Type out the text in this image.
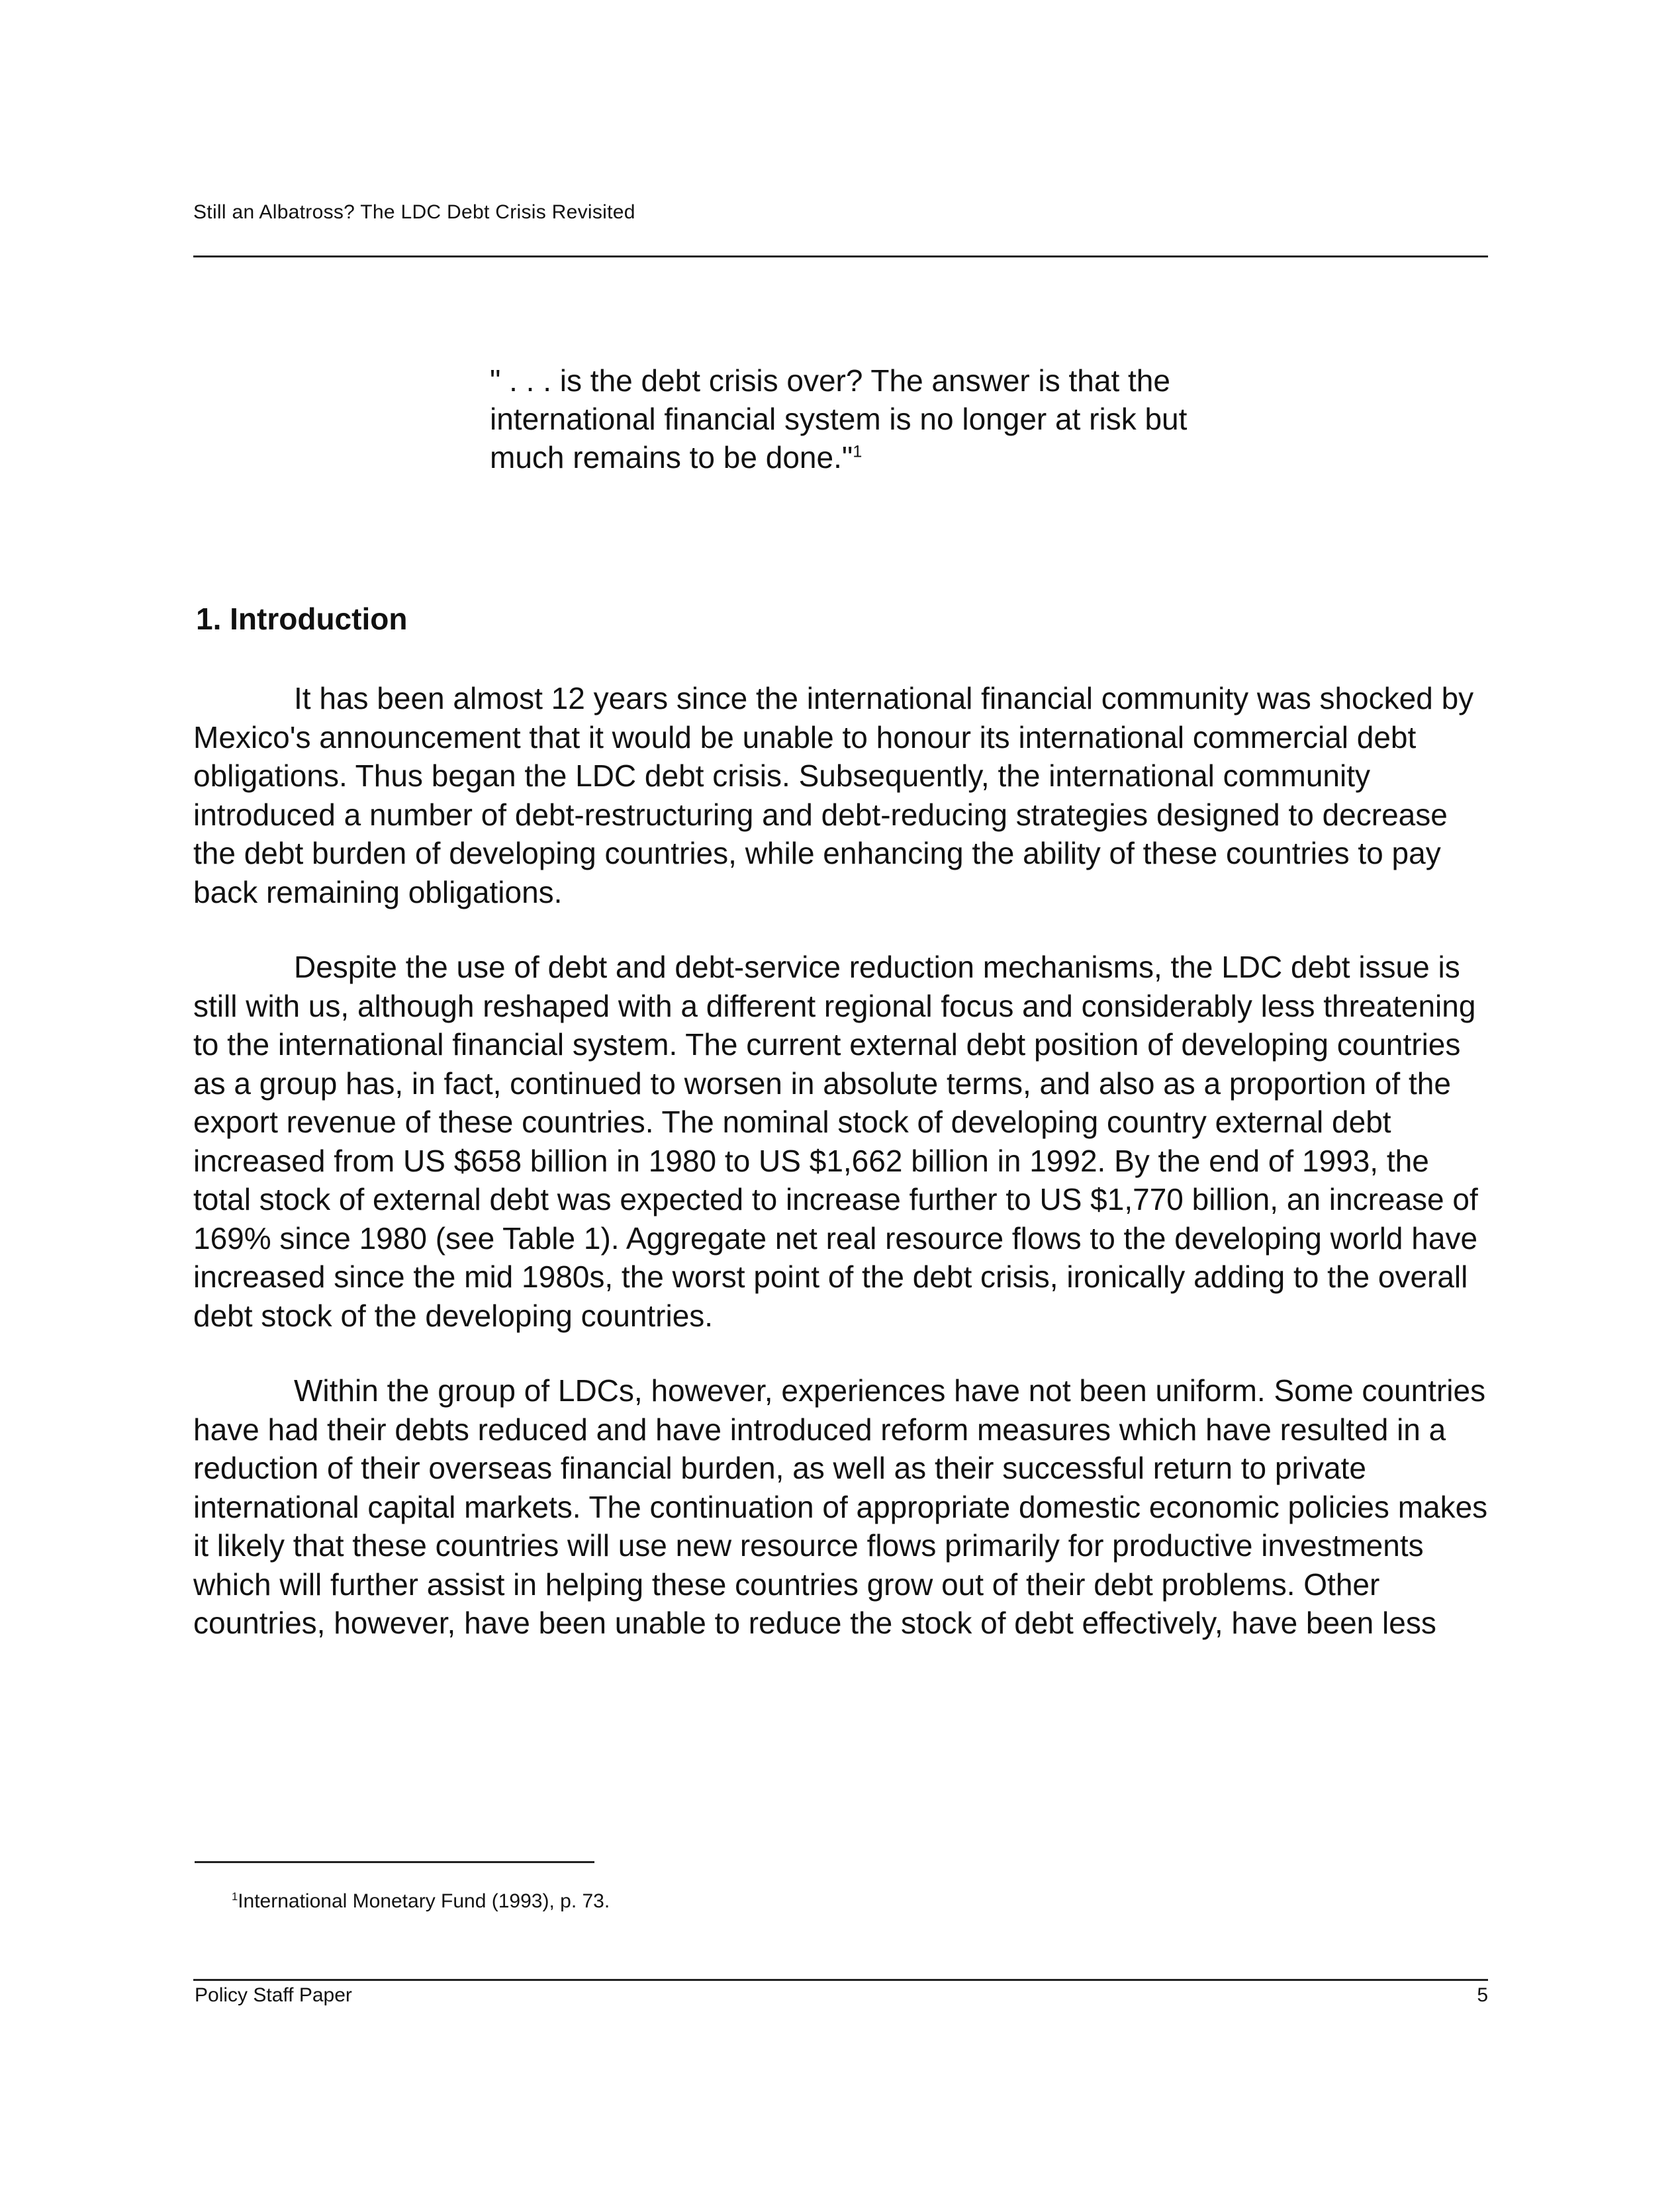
Still an Albatross? The LDC Debt Crisis Revisited
" . . . is the debt crisis over? The answer is that the international financial system is no longer at risk but much remains to be done."$^1$
1. Introduction

It has been almost 12 years since the international financial community was shocked by Mexico's announcement that it would be unable to honour its international commercial debt obligations. Thus began the LDC debt crisis. Subsequently, the international community introduced a number of debt-restructuring and debt-reducing strategies designed to decrease the debt burden of developing countries, while enhancing the ability of these countries to pay back remaining obligations.

Despite the use of debt and debt-service reduction mechanisms, the LDC debt issue is still with us, although reshaped with a different regional focus and considerably less threatening to the international financial system. The current external debt position of developing countries as a group has, in fact, continued to worsen in absolute terms, and also as a proportion of the export revenue of these countries. The nominal stock of developing country external debt increased from US $658 billion in 1980 to US $1,662 billion in 1992. By the end of 1993, the total stock of external debt was expected to increase further to US $1,770 billion, an increase of 169% since 1980 (see Table 1). Aggregate net real resource flows to the developing world have increased since the mid 1980s, the worst point of the debt crisis, ironically adding to the overall debt stock of the developing countries.

Within the group of LDCs, however, experiences have not been uniform. Some countries have had their debts reduced and have introduced reform measures which have resulted in a reduction of their overseas financial burden, as well as their successful return to private international capital markets. The continuation of appropriate domestic economic policies makes it likely that these countries will use new resource flows primarily for productive investments which will further assist in helping these countries grow out of their debt problems. Other countries, however, have been unable to reduce the stock of debt effectively, have been less

$^1$International Monetary Fund (1993), p. 73.
Policy Staff Paper	5
